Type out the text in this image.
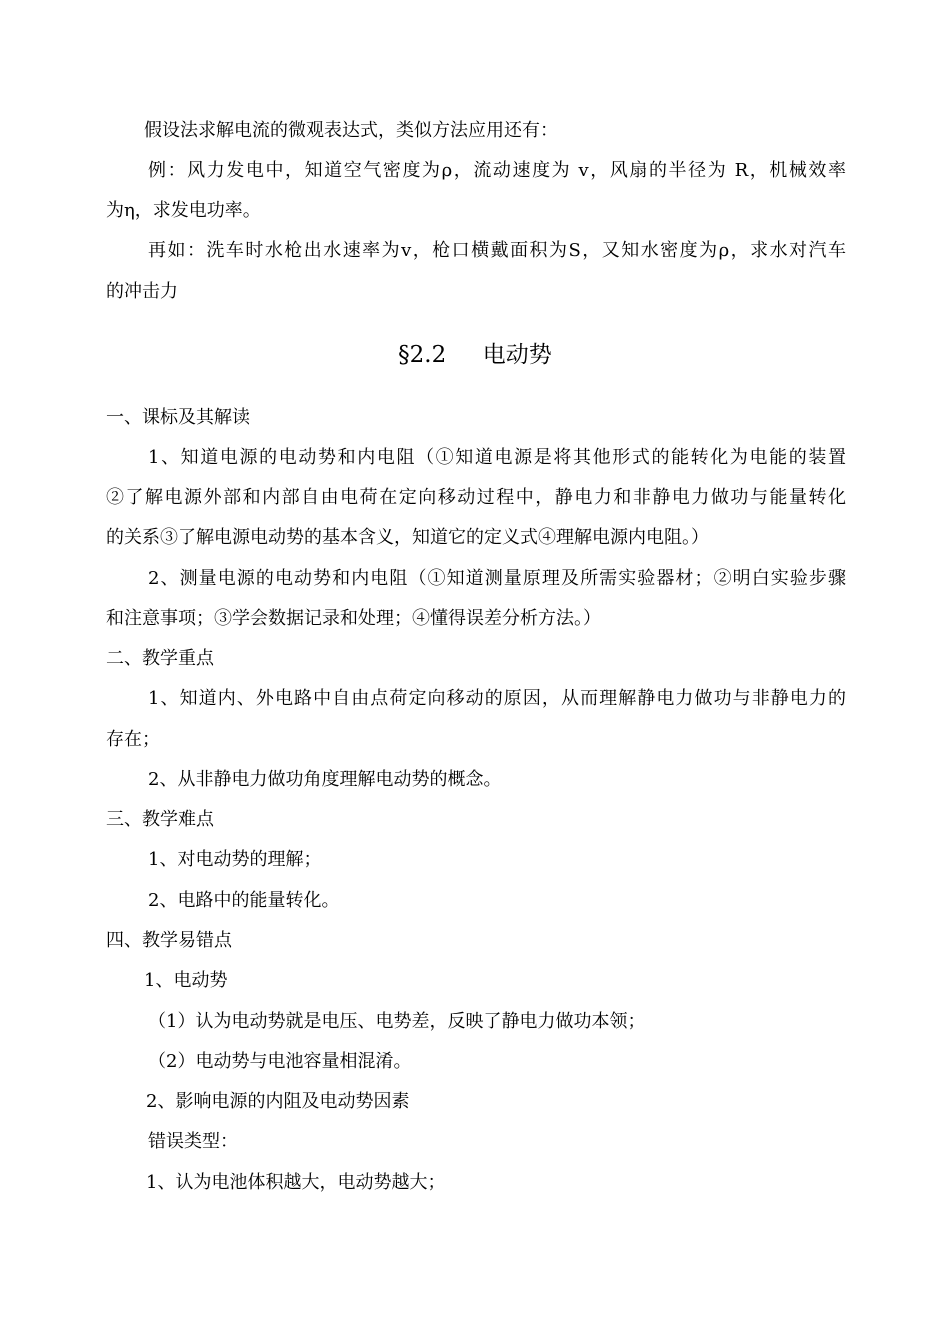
假设法求解电流的微观表达式，类似方法应用还有：
例：风力发电中，知道空气密度为ρ，流动速度为 v，风扇的半径为 R，机械效率
为η，求发电功率。
再如：洗车时水枪出水速率为v，枪口横戴面积为S，又知水密度为ρ，求水对汽车
的冲击力
§2.2     电动势
一、课标及其解读
1、知道电源的电动势和内电阻（①知道电源是将其他形式的能转化为电能的装置
②了解电源外部和内部自由电荷在定向移动过程中，静电力和非静电力做功与能量转化
的关系③了解电源电动势的基本含义，知道它的定义式④理解电源内电阻。）
2、测量电源的电动势和内电阻（①知道测量原理及所需实验器材；②明白实验步骤
和注意事项；③学会数据记录和处理；④懂得误差分析方法。）
二、教学重点
1、知道内、外电路中自由点荷定向移动的原因，从而理解静电力做功与非静电力的
存在；
2、从非静电力做功角度理解电动势的概念。
三、教学难点
1、对电动势的理解；
2、电路中的能量转化。
四、教学易错点
1、电动势
（1）认为电动势就是电压、电势差，反映了静电力做功本领；
（2）电动势与电池容量相混淆。
2、影响电源的内阻及电动势因素
错误类型：
1、认为电池体积越大，电动势越大；
